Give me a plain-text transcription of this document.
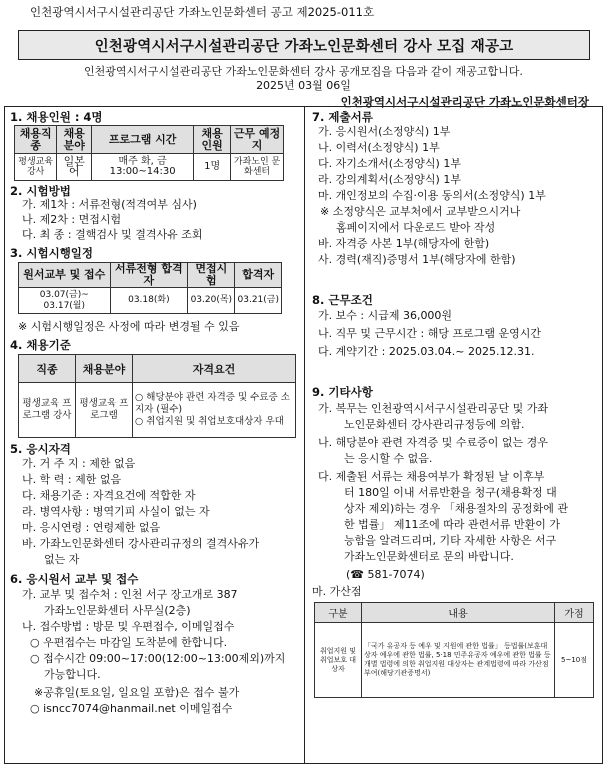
인천광역시서구시설관리공단 가좌노인문화센터 공고 제2025-011호
인천광역시서구시설관리공단 가좌노인문화센터 강사 모집 재공고
인천광역시서구시설관리공단 가좌노인문화센터 강사 공개모집을 다음과 같이 재공고합니다.
2025년 03월 06일
인천광역시서구시설관리공단 가좌노인문화센터장
1. 채용인원 : 4명
채용직종	채용분야	프로그램 시간	채용 인원	근무 예정지
평생교육 강사	일본어	매주 화, 금 13:00~14:30	1명	가좌노인 문화센터
2. 시험방법
가. 제1차 : 서류전형(적격여부 심사)
나. 제2차 : 면접시험
다. 최 종 : 결핵검사 및 결격사유 조회
3. 시험시행일정
원서교부 및 접수	서류전형 합격자	면접시험	합격자
03.07(금)~ 03.17(월)	03.18(화)	03.20(목)	03.21(금)
※ 시험시행일정은 사정에 따라 변경될 수 있음
4. 채용기준
직종	채용분야	자격요건
평생교육 프로그램 강사	평생교육 프로그램	○ 해당분야 관련 자격증 및 수료증 소지자 (필수)
○ 취업지원 및 취업보호대상자 우대
5. 응시자격
가. 거 주 지 : 제한 없음
나. 학 력 : 제한 없음
다. 채용기준 : 자격요건에 적합한 자
라. 병역사항 : 병역기피 사실이 없는 자
마. 응시연령 : 연령제한 없음
바. 가좌노인문화센터 강사관리규정의 결격사유가
없는 자
6. 응시원서 교부 및 접수
가. 교부 및 접수처 : 인천 서구 장고개로 387
가좌노인문화센터 사무실(2층)
나. 접수방법 : 방문 및 우편접수, 이메일접수
○ 우편접수는 마감일 도착분에 한합니다.
○ 접수시간 09:00~17:00(12:00~13:00제외)까지
가능합니다.
※공휴일(토요일, 일요일 포함)은 접수 불가
○ isncc7074@hanmail.net 이메일접수
7. 제출서류
가. 응시원서(소정양식) 1부
나. 이력서(소정양식) 1부
다. 자기소개서(소정양식) 1부
라. 강의계획서(소정양식) 1부
마. 개인정보의 수집·이용 동의서(소정양식) 1부
※ 소정양식은 교부처에서 교부받으시거나
홈페이지에서 다운로드 받아 작성
바. 자격증 사본 1부(해당자에 한함)
사. 경력(재직)증명서 1부(해당자에 한함)
8. 근무조건
가. 보수 : 시급제 36,000원
나. 직무 및 근무시간 : 해당 프로그램 운영시간
다. 계약기간 : 2025.03.04.~ 2025.12.31.
9. 기타사항
가. 복무는 인천광역시서구시설관리공단 및 가좌
노인문화센터 강사관리규정등에 의함.
나. 해당분야 관련 자격증 및 수료증이 없는 경우
는 응시할 수 없음.
다. 제출된 서류는 채용여부가 확정된 날 이후부
터 180일 이내 서류반환을 청구(채용확정 대
상자 제외)하는 경우 「채용절차의 공정화에 관
한 법률」 제11조에 따라 관련서류 반환이 가
능함을 알려드리며, 기타 자세한 사항은 서구
가좌노인문화센터로 문의 바랍니다.
(☎ 581-7074)
마. 가산점
구분	내용	가점
취업지원 및 취업보호 대상자	「국가 유공자 등 예우 및 지원에 관한 법률」 등법률(보훈대상자 예우에 관한 법률, 5·18 민주유공자 예우에 관한 법률 등 개별 법령에 의한 취업지원 대상자는 관계법령에 따라 가산점 부여(해당기관증명서)	5~10점
